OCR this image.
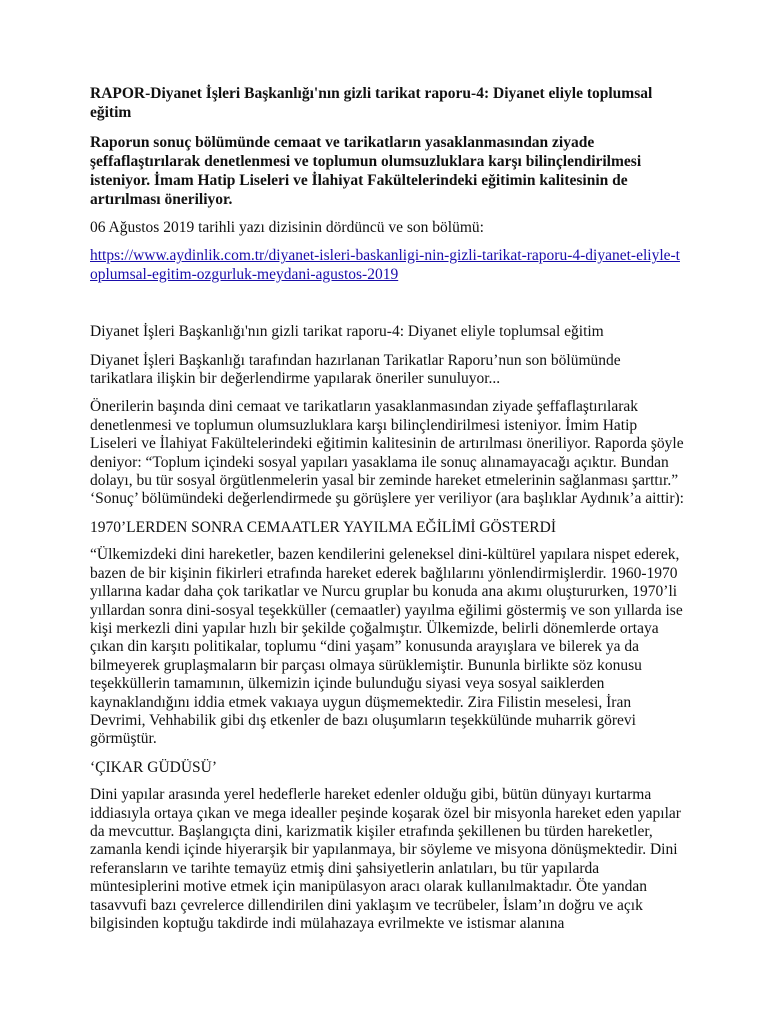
RAPOR-Diyanet İşleri Başkanlığı'nın gizli tarikat raporu-4: Diyanet eliyle toplumsal eğitim
Raporun sonuç bölümünde cemaat ve tarikatların yasaklanmasından ziyade şeffaflaştırılarak denetlenmesi ve toplumun olumsuzluklara karşı bilinçlendirilmesi isteniyor. İmam Hatip Liseleri ve İlahiyat Fakültelerindeki eğitimin kalitesinin de artırılması öneriliyor.

06 Ağustos 2019 tarihli yazı dizisinin dördüncü ve son bölümü:

https://www.aydinlik.com.tr/diyanet-isleri-baskanligi-nin-gizli-tarikat-raporu-4-diyanet-eliyle-toplumsal-egitim-ozgurluk-meydani-agustos-2019

Diyanet İşleri Başkanlığı'nın gizli tarikat raporu-4: Diyanet eliyle toplumsal eğitim

Diyanet İşleri Başkanlığı tarafından hazırlanan Tarikatlar Raporu’nun son bölümünde tarikatlara ilişkin bir değerlendirme yapılarak öneriler sunuluyor...

Önerilerin başında dini cemaat ve tarikatların yasaklanmasından ziyade şeffaflaştırılarak denetlenmesi ve toplumun olumsuzluklara karşı bilinçlendirilmesi isteniyor. İmim Hatip Liseleri ve İlahiyat Fakültelerindeki eğitimin kalitesinin de artırılması öneriliyor. Raporda şöyle deniyor: “Toplum içindeki sosyal yapıları yasaklama ile sonuç alınamayacağı açıktır. Bundan dolayı, bu tür sosyal örgütlenmelerin yasal bir zeminde hareket etmelerinin sağlanması şarttır.” ‘Sonuç’ bölümündeki değerlendirmede şu görüşlere yer veriliyor (ara başlıklar Aydınık’a aittir):

1970’LERDEN SONRA CEMAATLER YAYILMA EĞİLİMİ GÖSTERDİ

“Ülkemizdeki dini hareketler, bazen kendilerini geleneksel dini-kültürel yapılara nispet ederek, bazen de bir kişinin fikirleri etrafında hareket ederek bağlılarını yönlendirmişlerdir. 1960-1970 yıllarına kadar daha çok tarikatlar ve Nurcu gruplar bu konuda ana akımı oluştururken, 1970’li yıllardan sonra dini-sosyal teşekküller (cemaatler) yayılma eğilimi göstermiş ve son yıllarda ise kişi merkezli dini yapılar hızlı bir şekilde çoğalmıştır. Ülkemizde, belirli dönemlerde ortaya çıkan din karşıtı politikalar, toplumu “dini yaşam” konusunda arayışlara ve bilerek ya da bilmeyerek gruplaşmaların bir parçası olmaya sürüklemiştir. Bununla birlikte söz konusu teşekküllerin tamamının, ülkemizin içinde bulunduğu siyasi veya sosyal saiklerden kaynaklandığını iddia etmek vakıaya uygun düşmemektedir. Zira Filistin meselesi, İran Devrimi, Vehhabilik gibi dış etkenler de bazı oluşumların teşekkülünde muharrik görevi görmüştür.

‘ÇIKAR GÜDÜSÜ’

Dini yapılar arasında yerel hedeflerle hareket edenler olduğu gibi, bütün dünyayı kurtarma iddiasıyla ortaya çıkan ve mega idealler peşinde koşarak özel bir misyonla hareket eden yapılar da mevcuttur. Başlangıçta dini, karizmatik kişiler etrafında şekillenen bu türden hareketler, zamanla kendi içinde hiyerarşik bir yapılanmaya, bir söyleme ve misyona dönüşmektedir. Dini referansların ve tarihte temayüz etmiş dini şahsiyetlerin anlatıları, bu tür yapılarda müntesiplerini motive etmek için manipülasyon aracı olarak kullanılmaktadır. Öte yandan tasavvufi bazı çevrelerce dillendirilen dini yaklaşım ve tecrübeler, İslam’ın doğru ve açık bilgisinden koptuğu takdirde indi mülahazaya evrilmekte ve istismar alanına
